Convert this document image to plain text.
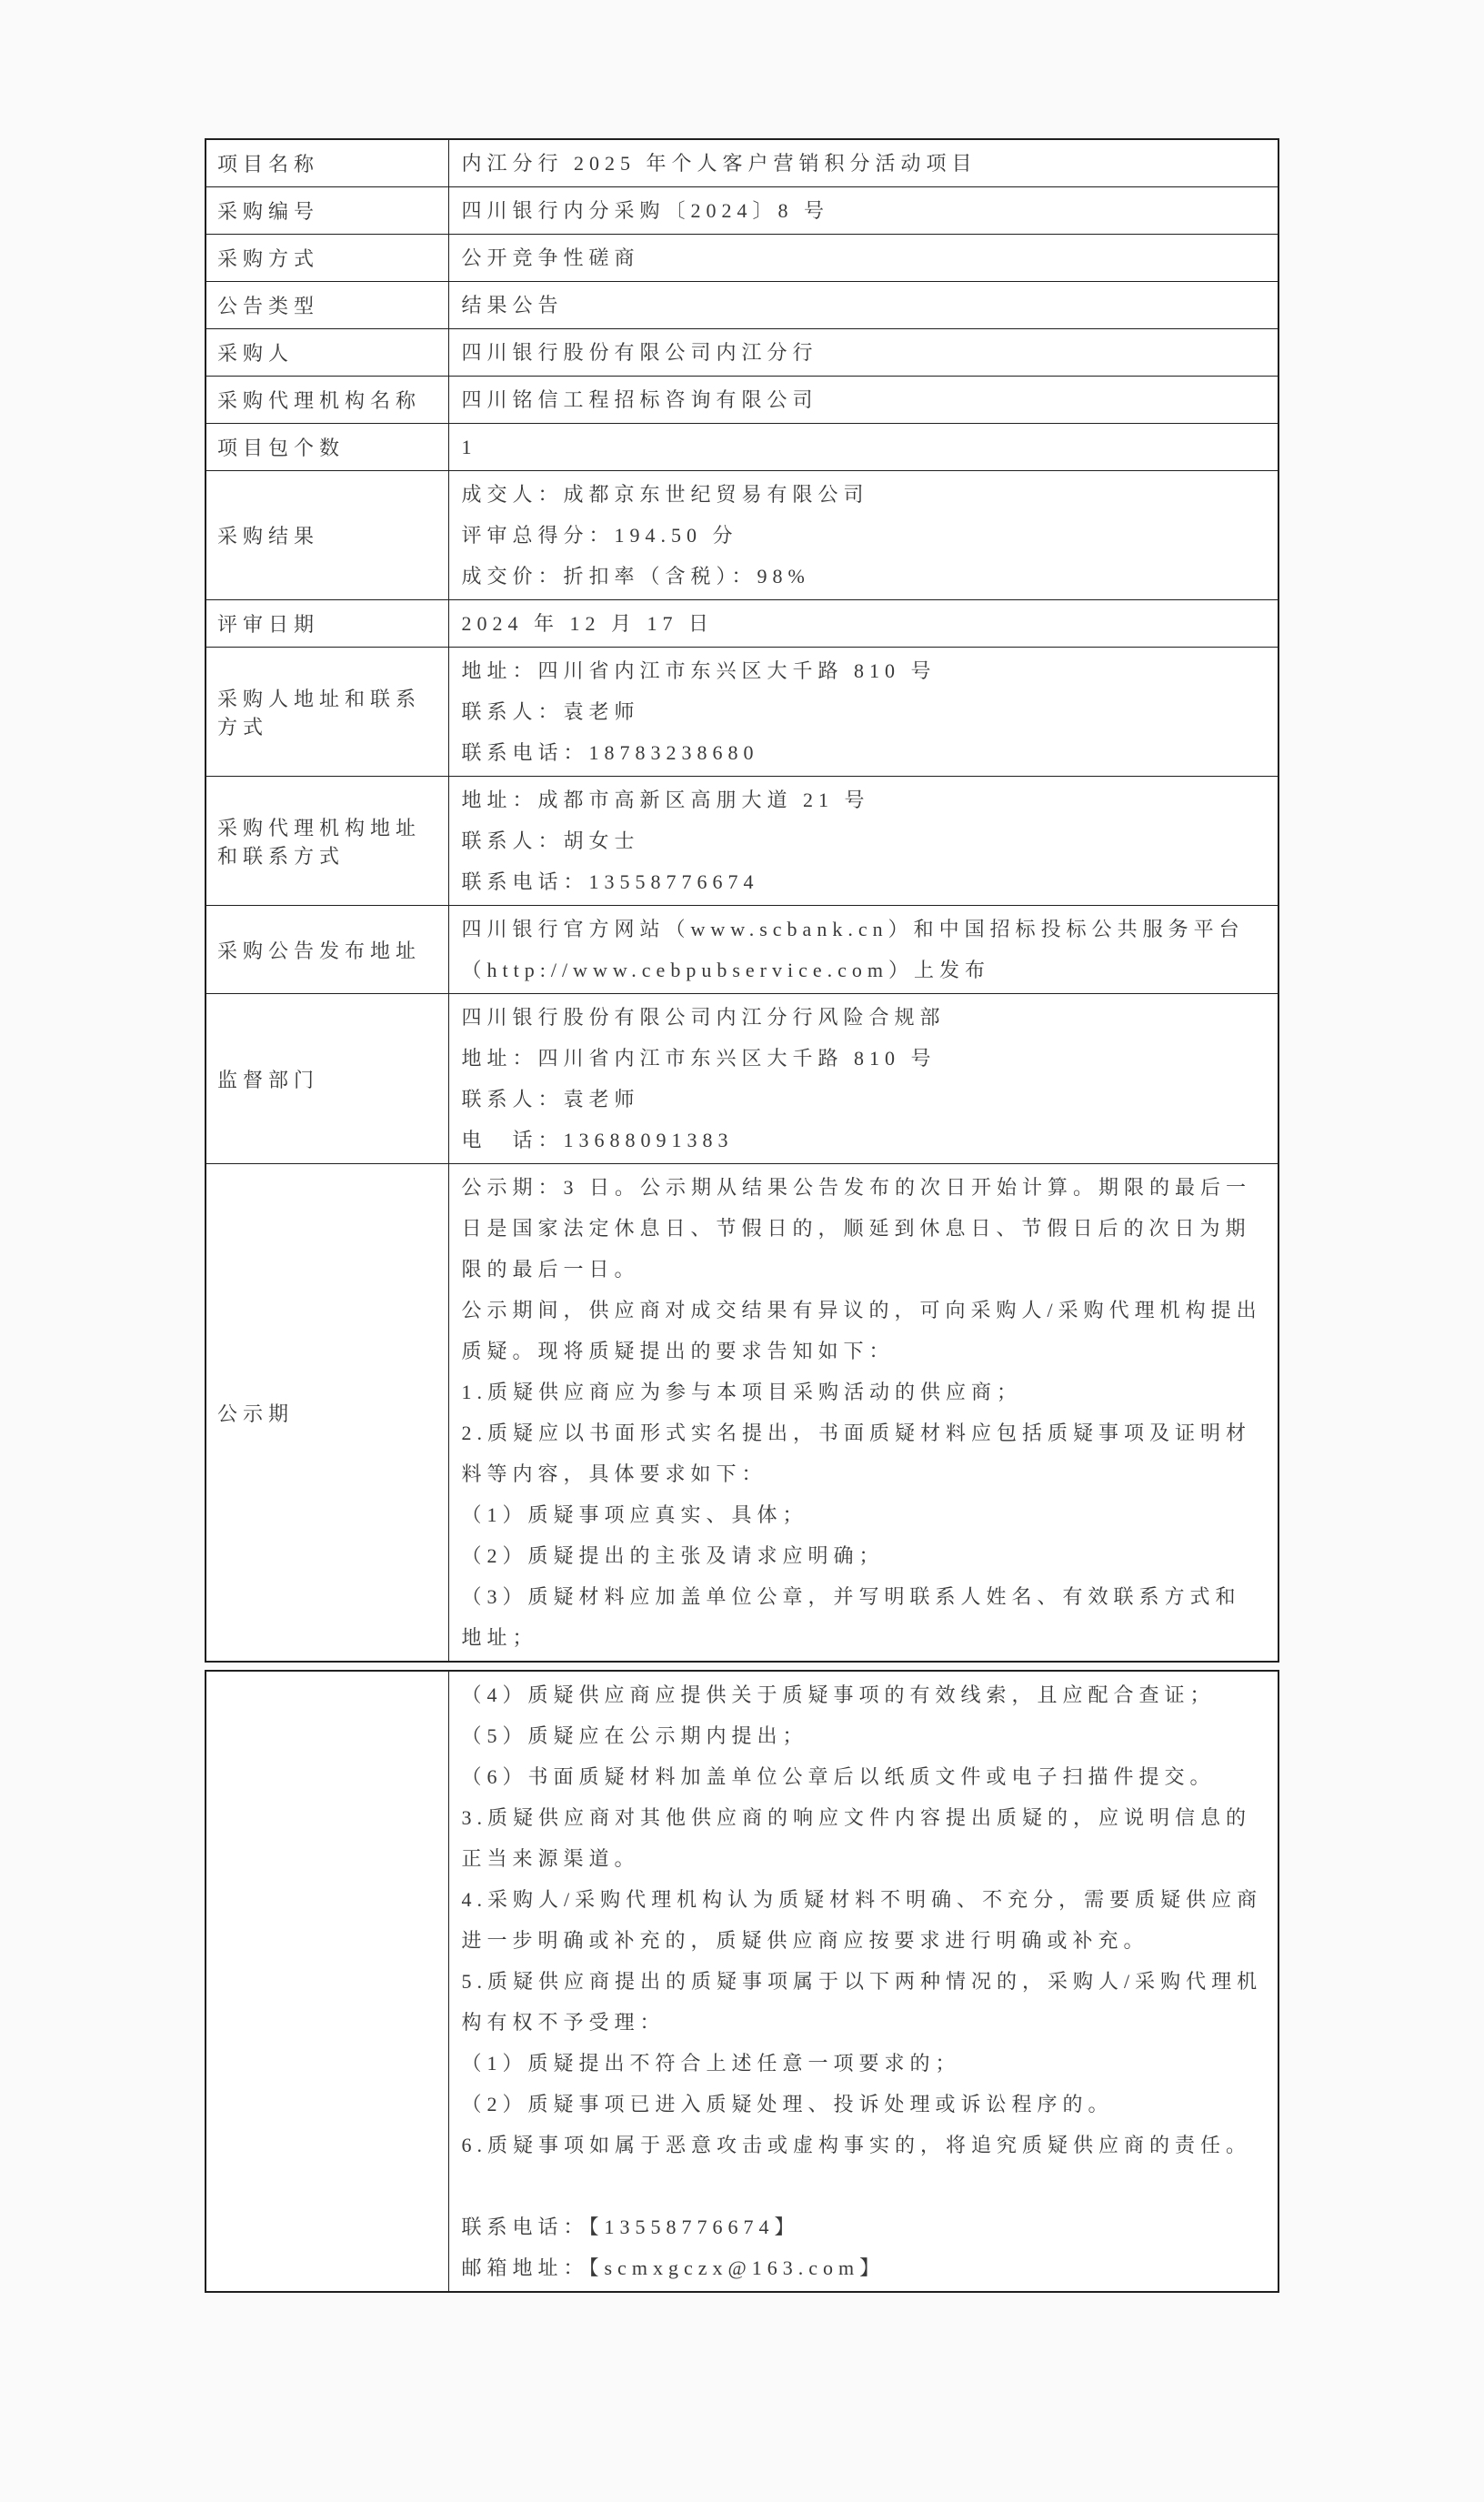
项目名称	内江分行 2025 年个人客户营销积分活动项目

采购编号	四川银行内分采购〔2024〕8 号

采购方式	公开竞争性磋商

公告类型	结果公告

采购人	四川银行股份有限公司内江分行

采购代理机构名称	四川铭信工程招标咨询有限公司

项目包个数	1

采购结果	成交人：成都京东世纪贸易有限公司

评审总得分：194.50 分

成交价：折扣率（含税）：98%

评审日期	2024 年 12 月 17 日

采购人地址和联系方式	地址：四川省内江市东兴区大千路 810 号

联系人：袁老师

联系电话：18783238680

采购代理机构地址和联系方式	地址：成都市高新区高朋大道 21 号

联系人：胡女士

联系电话：13558776674

采购公告发布地址	四川银行官方网站（www.scbank.cn）和中国招标投标公共服务平台（http://www.cebpubservice.com）上发布

监督部门	四川银行股份有限公司内江分行风险合规部

地址：四川省内江市东兴区大千路 810 号

联系人：袁老师

电　话：13688091383

公示期	

公示期：3 日。公示期从结果公告发布的次日开始计算。期限的最后一日是国家法定休息日、节假日的，顺延到休息日、节假日后的次日为期限的最后一日。

公示期间，供应商对成交结果有异议的，可向采购人/采购代理机构提出质疑。现将质疑提出的要求告知如下：

1.质疑供应商应为参与本项目采购活动的供应商；

2.质疑应以书面形式实名提出，书面质疑材料应包括质疑事项及证明材料等内容，具体要求如下：

（1）质疑事项应真实、具体；

（2）质疑提出的主张及请求应明确；

（3）质疑材料应加盖单位公章，并写明联系人姓名、有效联系方式和地址；

（4）质疑供应商应提供关于质疑事项的有效线索，且应配合查证；

（5）质疑应在公示期内提出；

（6）书面质疑材料加盖单位公章后以纸质文件或电子扫描件提交。

3.质疑供应商对其他供应商的响应文件内容提出质疑的，应说明信息的正当来源渠道。

4.采购人/采购代理机构认为质疑材料不明确、不充分，需要质疑供应商进一步明确或补充的，质疑供应商应按要求进行明确或补充。

5.质疑供应商提出的质疑事项属于以下两种情况的，采购人/采购代理机构有权不予受理：

（1）质疑提出不符合上述任意一项要求的；

（2）质疑事项已进入质疑处理、投诉处理或诉讼程序的。

6.质疑事项如属于恶意攻击或虚构事实的，将追究质疑供应商的责任。

联系电话：【13558776674】

邮箱地址：【scmxgczx@163.com】
